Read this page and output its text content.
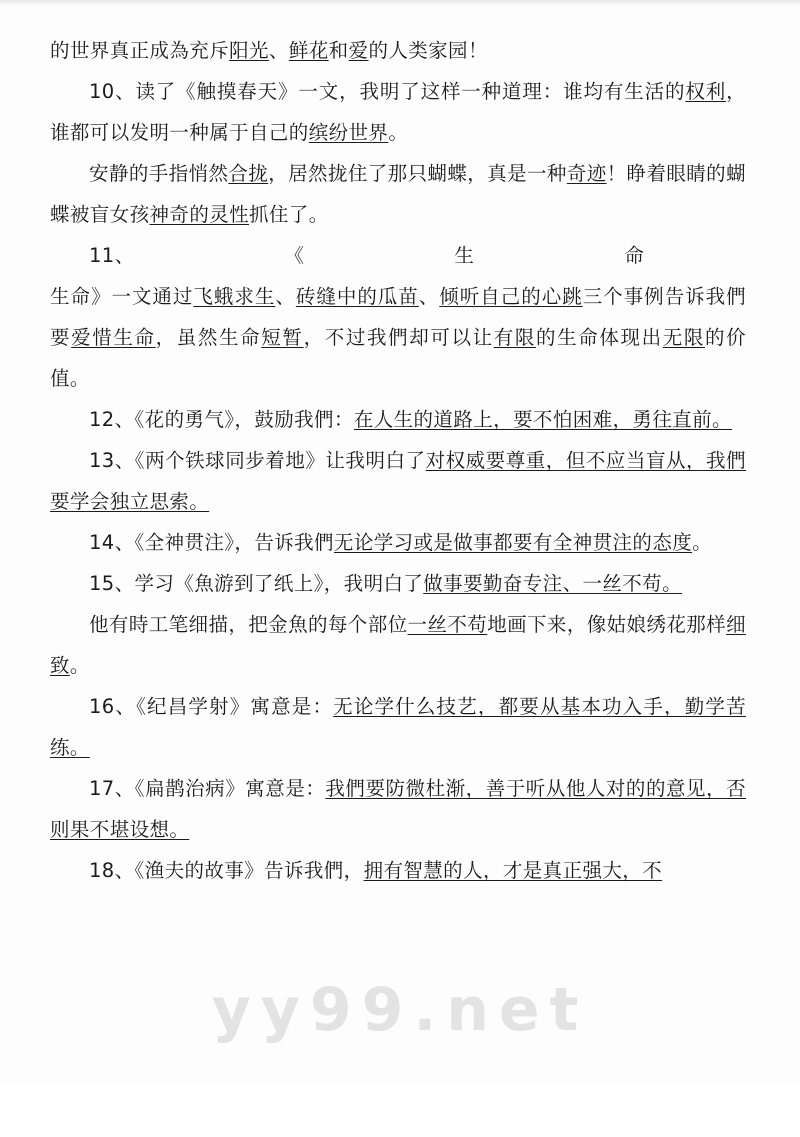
yy99.net
的世界真正成為充斥阳光、鲜花和爱的人类家园！
10、读了《触摸春天》一文，我明了这样一种道理：谁均有生活的权利，谁都可以发明一种属于自己的缤纷世界。
安静的手指悄然合拢，居然拢住了那只蝴蝶，真是一种奇迹！睁着眼睛的蝴蝶被盲女孩神奇的灵性抓住了。
11、	《	生	命
生命》一文通过飞蛾求生、砖缝中的瓜苗、倾听自己的心跳三个事例告诉我們要爱惜生命，虽然生命短暂，不过我們却可以让有限的生命体现出无限的价值。
12、《花的勇气》，鼓励我們：在人生的道路上，要不怕困难，勇往直前。
13、《两个铁球同步着地》让我明白了对权威要尊重，但不应当盲从，我們要学会独立思索。
14、《全神贯注》，告诉我們无论学习或是做事都要有全神贯注的态度。
15、学习《魚游到了纸上》，我明白了做事要勤奋专注、一丝不苟。
他有時工笔细描，把金魚的每个部位一丝不苟地画下来，像姑娘绣花那样细致。
16、《纪昌学射》寓意是：无论学什么技艺，都要从基本功入手，勤学苦练。
17、《扁鹊治病》寓意是：我們要防微杜渐，善于听从他人对的的意见，否则果不堪设想。
18、《渔夫的故事》告诉我們，拥有智慧的人，才是真正强大，不
